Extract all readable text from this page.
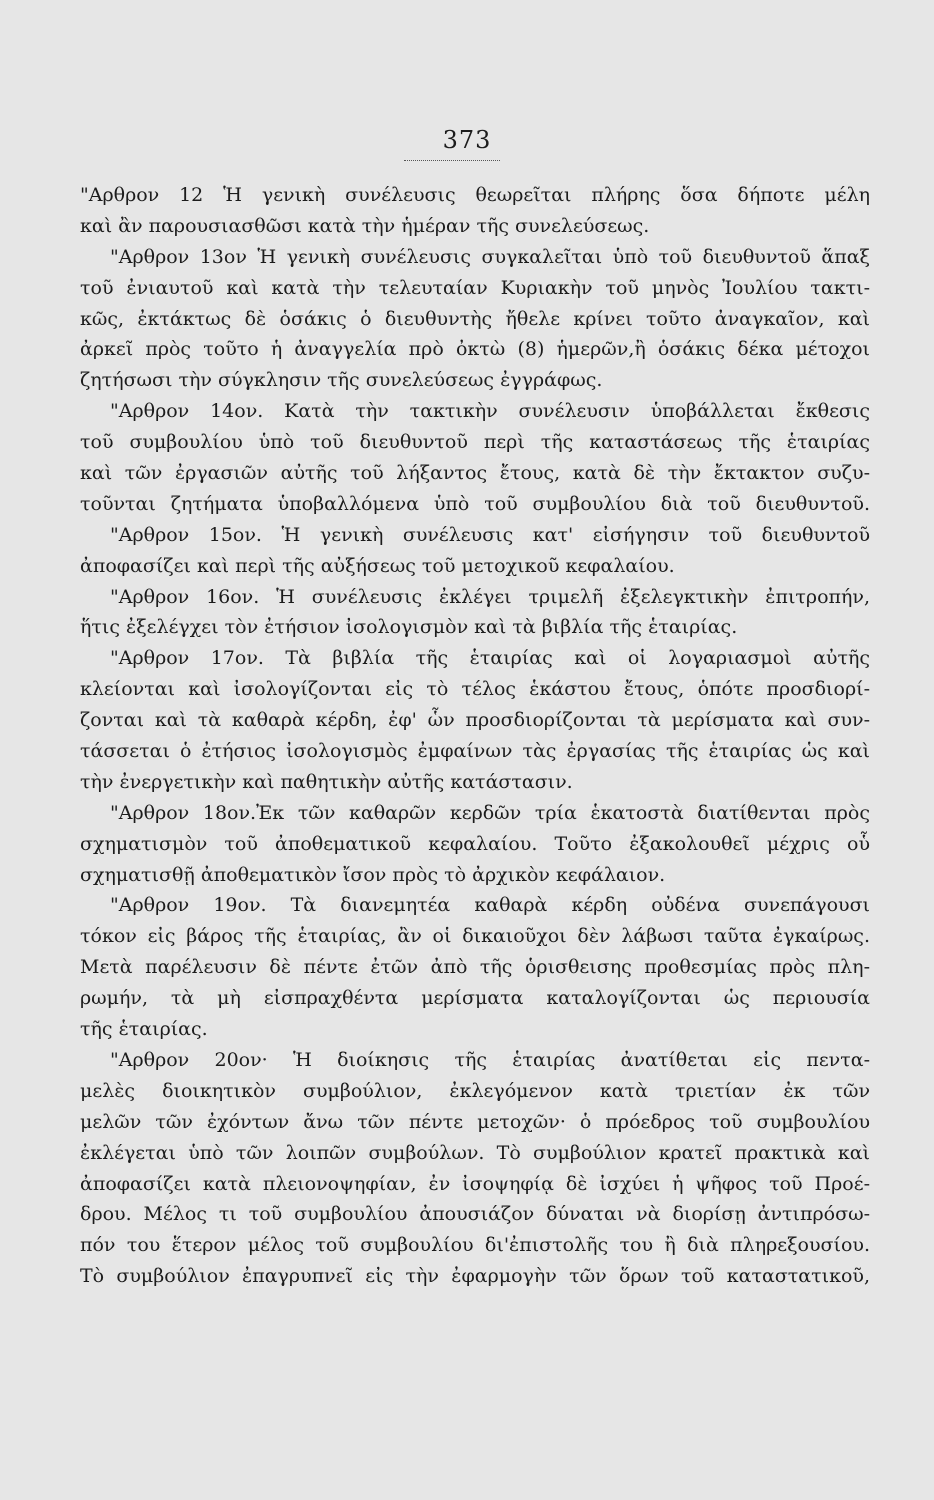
373
"Αρθρον 12 Ἡ γενικὴ συνέλευσις θεωρεῖται πλήρης ὅσα δήποτε μέλη
καὶ ἂν παρουσιασθῶσι κατὰ τὴν ἡμέραν τῆς συνελεύσεως.
"Αρθρον 13ον Ἡ γενικὴ συνέλευσις συγκαλεῖται ὑπὸ τοῦ διευθυντοῦ ἅπαξ
τοῦ ἐνιαυτοῦ καὶ κατὰ τὴν τελευταίαν Κυριακὴν τοῦ μηνὸς Ἰουλίου τακτι-
κῶς, ἐκτάκτως δὲ ὁσάκις ὁ διευθυντὴς ἤθελε κρίνει τοῦτο ἀναγκαῖον, καὶ
ἀρκεῖ πρὸς τοῦτο ἡ ἀναγγελία πρὸ ὀκτὼ (8) ἡμερῶν,ἢ ὁσάκις δέκα μέτοχοι
ζητήσωσι τὴν σύγκλησιν τῆς συνελεύσεως ἐγγράφως.
"Αρθρον 14ον. Κατὰ τὴν τακτικὴν συνέλευσιν ὑποβάλλεται ἔκθεσις
τοῦ συμβουλίου ὑπὸ τοῦ διευθυντοῦ περὶ τῆς καταστάσεως τῆς ἑταιρίας
καὶ τῶν ἐργασιῶν αὐτῆς τοῦ λήξαντος ἔτους, κατὰ δὲ τὴν ἔκτακτον συζυ-
τοῦνται ζητήματα ὑποβαλλόμενα ὑπὸ τοῦ συμβουλίου διὰ τοῦ διευθυντοῦ.
"Αρθρον 15ον. Ἡ γενικὴ συνέλευσις κατ' εἰσήγησιν τοῦ διευθυντοῦ
ἀποφασίζει καὶ περὶ τῆς αὐξήσεως τοῦ μετοχικοῦ κεφαλαίου.
"Αρθρον 16ον. Ἡ συνέλευσις ἐκλέγει τριμελῆ ἐξελεγκτικὴν ἐπιτροπήν,
ἥτις ἐξελέγχει τὸν ἐτήσιον ἰσολογισμὸν καὶ τὰ βιβλία τῆς ἑταιρίας.
"Αρθρον 17ον. Τὰ βιβλία τῆς ἑταιρίας καὶ οἱ λογαριασμοὶ αὐτῆς
κλείονται καὶ ἰσολογίζονται εἰς τὸ τέλος ἑκάστου ἔτους, ὁπότε προσδιορί-
ζονται καὶ τὰ καθαρὰ κέρδη, ἐφ' ὧν προσδιορίζονται τὰ μερίσματα καὶ συν-
τάσσεται ὁ ἐτήσιος ἰσολογισμὸς ἐμφαίνων τὰς ἐργασίας τῆς ἑταιρίας ὡς καὶ
τὴν ἐνεργετικὴν καὶ παθητικὴν αὐτῆς κατάστασιν.
"Αρθρον 18ον.Ἐκ τῶν καθαρῶν κερδῶν τρία ἑκατοστὰ διατίθενται πρὸς
σχηματισμὸν τοῦ ἀποθεματικοῦ κεφαλαίου. Τοῦτο ἐξακολουθεῖ μέχρις οὗ
σχηματισθῇ ἀποθεματικὸν ἴσον πρὸς τὸ ἀρχικὸν κεφάλαιον.
"Αρθρον 19ον. Τὰ διανεμητέα καθαρὰ κέρδη οὐδένα συνεπάγουσι
τόκον εἰς βάρος τῆς ἑταιρίας, ἂν οἱ δικαιοῦχοι δὲν λάβωσι ταῦτα ἐγκαίρως.
Μετὰ παρέλευσιν δὲ πέντε ἐτῶν ἀπὸ τῆς ὁρισθεισης προθεσμίας πρὸς πλη-
ρωμήν, τὰ μὴ εἰσπραχθέντα μερίσματα καταλογίζονται ὡς περιουσία
τῆς ἑταιρίας.
"Αρθρον 20ον· Ἡ διοίκησις τῆς ἑταιρίας ἀνατίθεται εἰς πεντα-
μελὲς διοικητικὸν συμβούλιον, ἐκλεγόμενον κατὰ τριετίαν ἐκ τῶν
μελῶν τῶν ἐχόντων ἄνω τῶν πέντε μετοχῶν· ὁ πρόεδρος τοῦ συμβουλίου
ἐκλέγεται ὑπὸ τῶν λοιπῶν συμβούλων. Τὸ συμβούλιον κρατεῖ πρακτικὰ καὶ
ἀποφασίζει κατὰ πλειονοψηφίαν, ἐν ἰσοψηφίᾳ δὲ ἰσχύει ἡ ψῆφος τοῦ Προέ-
δρου. Μέλος τι τοῦ συμβουλίου ἀπουσιάζον δύναται νὰ διορίσῃ ἀντιπρόσω-
πόν του ἕτερον μέλος τοῦ συμβουλίου δι'ἐπιστολῆς του ἢ διὰ πληρεξουσίου.
Τὸ συμβούλιον ἐπαγρυπνεῖ εἰς τὴν ἐφαρμογὴν τῶν ὅρων τοῦ καταστατικοῦ,
